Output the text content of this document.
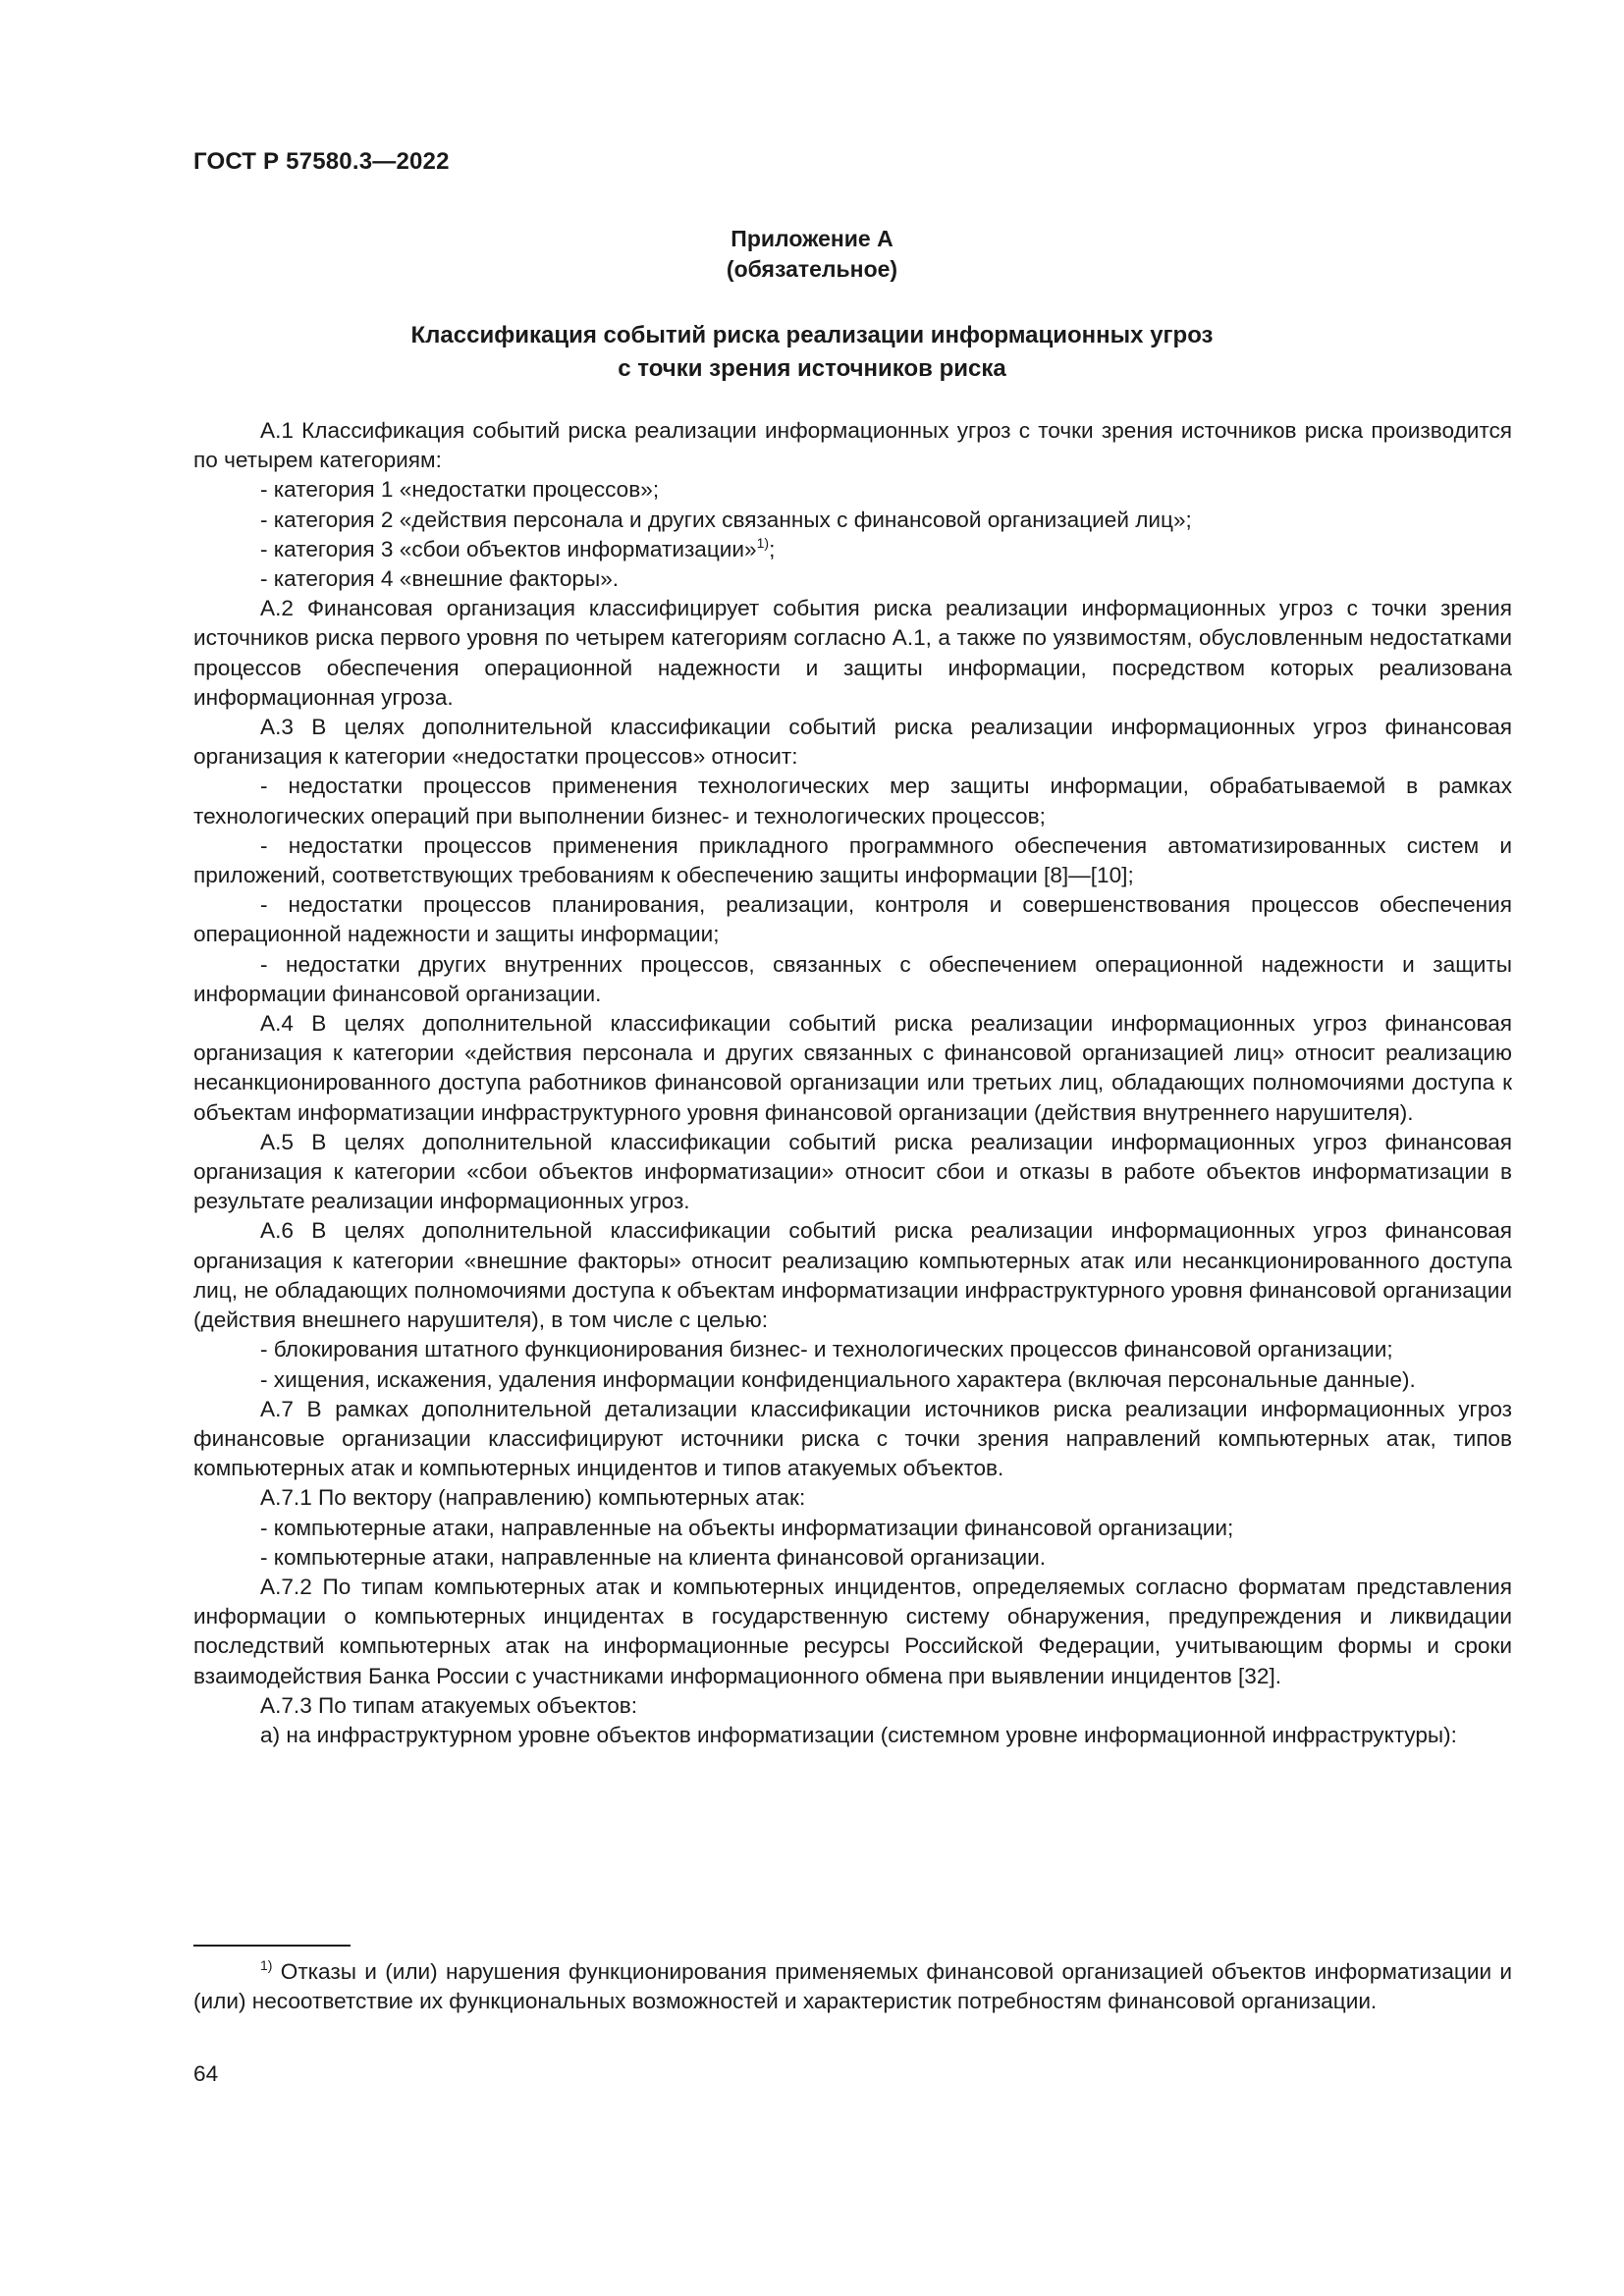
ГОСТ Р 57580.3—2022
Приложение А
(обязательное)
Классификация событий риска реализации информационных угроз
с точки зрения источников риска

А.1 Классификация событий риска реализации информационных угроз с точки зрения источников риска производится по четырем категориям:

- категория 1 «недостатки процессов»;

- категория 2 «действия персонала и других связанных с финансовой организацией лиц»;

- категория 3 «сбои объектов информатизации»$^{1)}$;

- категория 4 «внешние факторы».

А.2 Финансовая организация классифицирует события риска реализации информационных угроз с точки зрения источников риска первого уровня по четырем категориям согласно А.1, а также по уязвимостям, обусловленным недостатками процессов обеспечения операционной надежности и защиты информации, посредством которых реализована информационная угроза.

А.3 В целях дополнительной классификации событий риска реализации информационных угроз финансовая организация к категории «недостатки процессов» относит:

- недостатки процессов применения технологических мер защиты информации, обрабатываемой в рамках технологических операций при выполнении бизнес- и технологических процессов;

- недостатки процессов применения прикладного программного обеспечения автоматизированных систем и приложений, соответствующих требованиям к обеспечению защиты информации [8]—[10];

- недостатки процессов планирования, реализации, контроля и совершенствования процессов обеспечения операционной надежности и защиты информации;

- недостатки других внутренних процессов, связанных с обеспечением операционной надежности и защиты информации финансовой организации.

А.4 В целях дополнительной классификации событий риска реализации информационных угроз финансовая организация к категории «действия персонала и других связанных с финансовой организацией лиц» относит реализацию несанкционированного доступа работников финансовой организации или третьих лиц, обладающих полномочиями доступа к объектам информатизации инфраструктурного уровня финансовой организации (действия внутреннего нарушителя).

А.5 В целях дополнительной классификации событий риска реализации информационных угроз финансовая организация к категории «сбои объектов информатизации» относит сбои и отказы в работе объектов информатизации в результате реализации информационных угроз.

А.6 В целях дополнительной классификации событий риска реализации информационных угроз финансовая организация к категории «внешние факторы» относит реализацию компьютерных атак или несанкционированного доступа лиц, не обладающих полномочиями доступа к объектам информатизации инфраструктурного уровня финансовой организации (действия внешнего нарушителя), в том числе с целью:

- блокирования штатного функционирования бизнес- и технологических процессов финансовой организации;

- хищения, искажения, удаления информации конфиденциального характера (включая персональные данные).

А.7 В рамках дополнительной детализации классификации источников риска реализации информационных угроз финансовые организации классифицируют источники риска с точки зрения направлений компьютерных атак, типов компьютерных атак и компьютерных инцидентов и типов атакуемых объектов.

А.7.1 По вектору (направлению) компьютерных атак:

- компьютерные атаки, направленные на объекты информатизации финансовой организации;

- компьютерные атаки, направленные на клиента финансовой организации.

А.7.2 По типам компьютерных атак и компьютерных инцидентов, определяемых согласно форматам представления информации о компьютерных инцидентах в государственную систему обнаружения, предупреждения и ликвидации последствий компьютерных атак на информационные ресурсы Российской Федерации, учитывающим формы и сроки взаимодействия Банка России с участниками информационного обмена при выявлении инцидентов [32].

А.7.3 По типам атакуемых объектов:

а) на инфраструктурном уровне объектов информатизации (системном уровне информационной инфраструктуры):

$^{1)}$ Отказы и (или) нарушения функционирования применяемых финансовой организацией объектов информатизации и (или) несоответствие их функциональных возможностей и характеристик потребностям финансовой организации.
64
